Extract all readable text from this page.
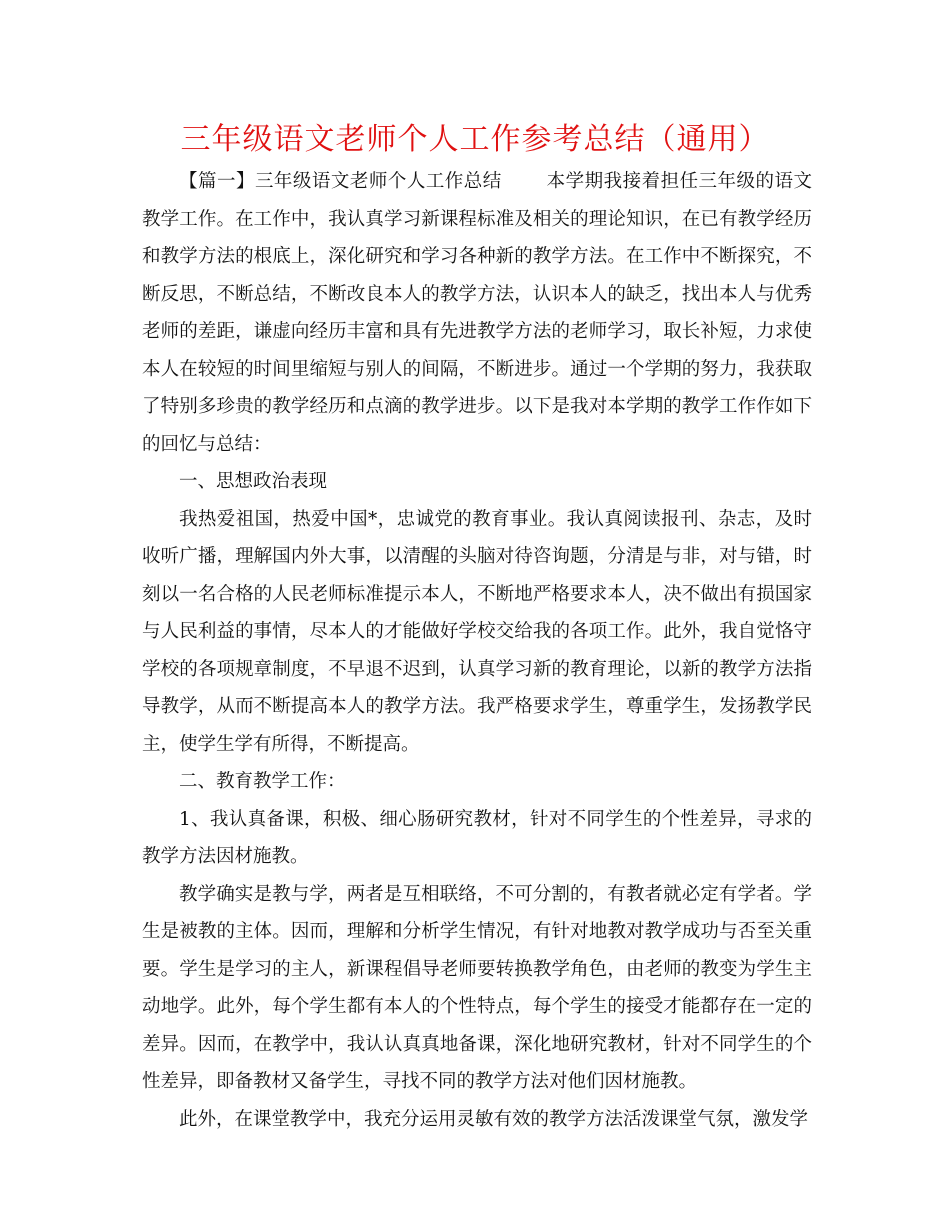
三年级语文老师个人工作参考总结（通用）

【篇一】三年级语文老师个人工作总结 本学期我接着担任三年级的语文教学工作。在工作中，我认真学习新课程标准及相关的理论知识，在已有教学经历和教学方法的根底上，深化研究和学习各种新的教学方法。在工作中不断探究，不断反思，不断总结，不断改良本人的教学方法，认识本人的缺乏，找出本人与优秀老师的差距，谦虚向经历丰富和具有先进教学方法的老师学习，取长补短，力求使本人在较短的时间里缩短与别人的间隔，不断进步。通过一个学期的努力，我获取了特别多珍贵的教学经历和点滴的教学进步。以下是我对本学期的教学工作作如下的回忆与总结：

一、思想政治表现

我热爱祖国，热爱中国*，忠诚党的教育事业。我认真阅读报刊、杂志，及时收听广播，理解国内外大事，以清醒的头脑对待咨询题，分清是与非，对与错，时刻以一名合格的人民老师标准提示本人，不断地严格要求本人，决不做出有损国家与人民利益的事情，尽本人的才能做好学校交给我的各项工作。此外，我自觉恪守学校的各项规章制度，不早退不迟到，认真学习新的教育理论，以新的教学方法指导教学，从而不断提高本人的教学方法。我严格要求学生，尊重学生，发扬教学民主，使学生学有所得，不断提高。

二、教育教学工作：

1、我认真备课，积极、细心肠研究教材，针对不同学生的个性差异，寻求的教学方法因材施教。

教学确实是教与学，两者是互相联络，不可分割的，有教者就必定有学者。学生是被教的主体。因而，理解和分析学生情况，有针对地教对教学成功与否至关重要。学生是学习的主人，新课程倡导老师要转换教学角色，由老师的教变为学生主动地学。此外，每个学生都有本人的个性特点，每个学生的接受才能都存在一定的差异。因而，在教学中，我认认真真地备课，深化地研究教材，针对不同学生的个性差异，即备教材又备学生，寻找不同的教学方法对他们因材施教。

此外，在课堂教学中，我充分运用灵敏有效的教学方法活泼课堂气氛，激发学
